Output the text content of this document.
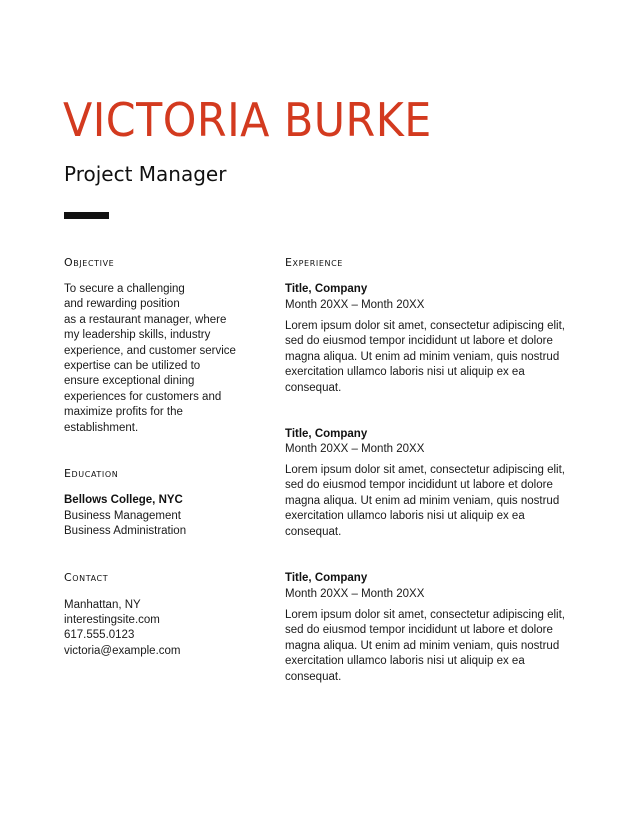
VICTORIA BURKE
Project Manager
Objective
To secure a challenging
and rewarding position
as a restaurant manager, where
my leadership skills, industry
experience, and customer service
expertise can be utilized to
ensure exceptional dining
experiences for customers and
maximize profits for the
establishment.
Education
Bellows College, NYC
Business Management
Business Administration
Contact
Manhattan, NY
interestingsite.com
617.555.0123
victoria@example.com
Experience
Title, Company
Month 20XX – Month 20XX
Lorem ipsum dolor sit amet, consectetur adipiscing elit,
sed do eiusmod tempor incididunt ut labore et dolore
magna aliqua. Ut enim ad minim veniam, quis nostrud
exercitation ullamco laboris nisi ut aliquip ex ea
consequat.
Title, Company
Month 20XX – Month 20XX
Lorem ipsum dolor sit amet, consectetur adipiscing elit,
sed do eiusmod tempor incididunt ut labore et dolore
magna aliqua. Ut enim ad minim veniam, quis nostrud
exercitation ullamco laboris nisi ut aliquip ex ea
consequat.
Title, Company
Month 20XX – Month 20XX
Lorem ipsum dolor sit amet, consectetur adipiscing elit,
sed do eiusmod tempor incididunt ut labore et dolore
magna aliqua. Ut enim ad minim veniam, quis nostrud
exercitation ullamco laboris nisi ut aliquip ex ea
consequat.
